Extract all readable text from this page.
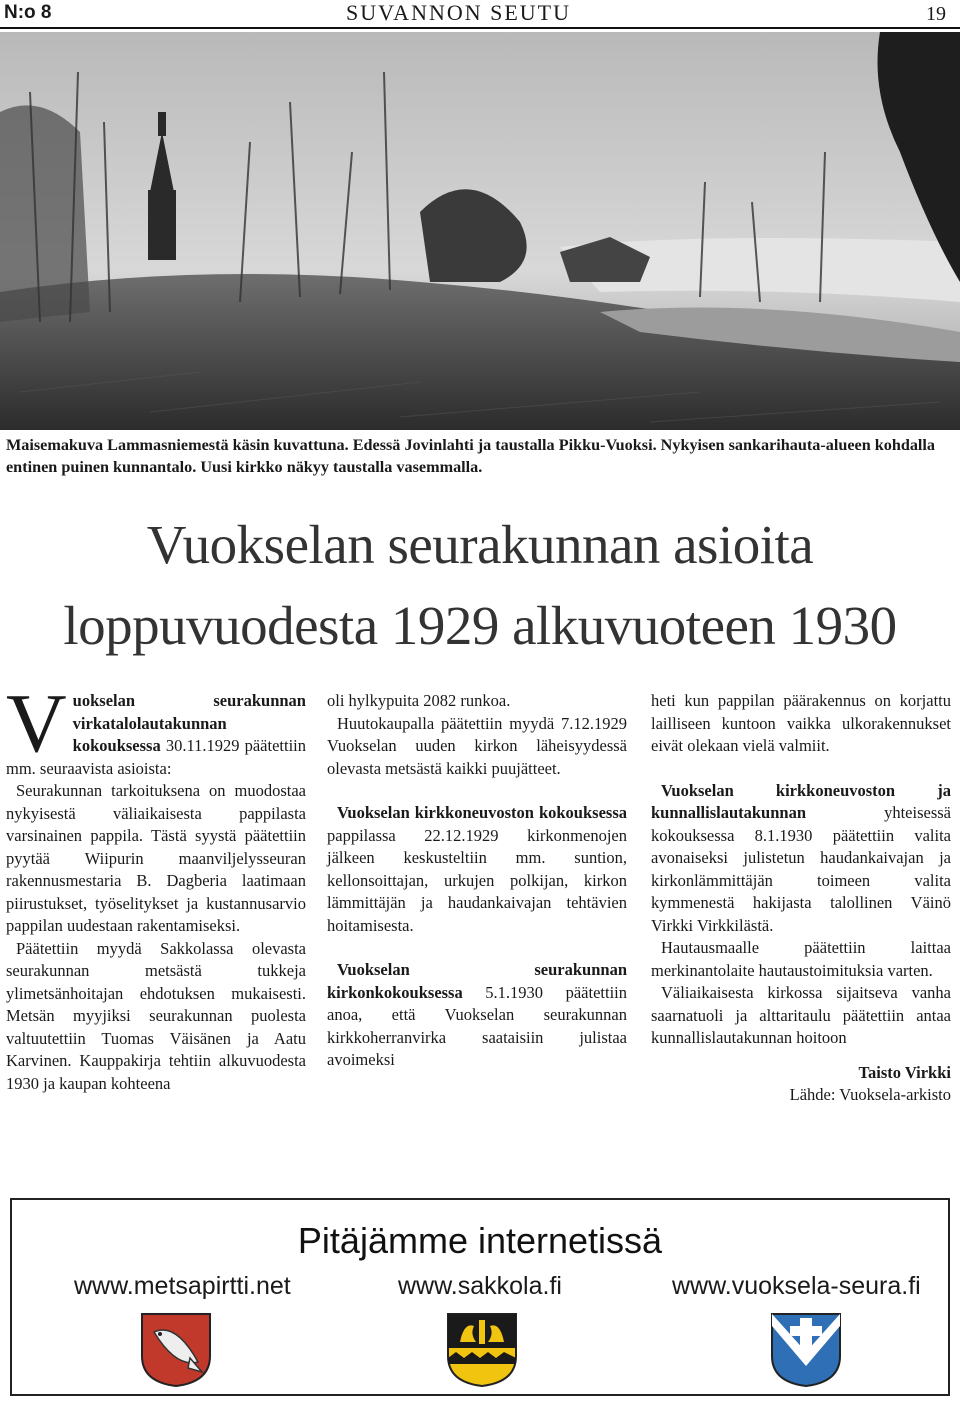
N:o 8	SUVANNON SEUTU	19
Maisemakuva Lammasniemestä käsin kuvattuna. Edessä Jovinlahti ja taustalla Pikku-Vuoksi. Nykyisen sankarihauta-alueen kohdalla entinen puinen kunnantalo. Uusi kirkko näkyy taustalla vasemmalla.
Vuokselan seurakunnan asioita
loppuvuodesta 1929 alkuvuoteen 1930

Vuokselan seurakunnan virkatalolautakunnan kokouksessa 30.11.1929 päätettiin mm. seuraavista asioista:

Seurakunnan tarkoituksena on muodostaa nykyisestä väliaikaisesta pappilasta varsinainen pappila. Tästä syystä päätettiin pyytää Wiipurin maanviljelysseuran rakennusmestaria B. Dagberia laatimaan piirustukset, työselitykset ja kustannusarvio pappilan uudestaan rakentamiseksi.

Päätettiin myydä Sakkolassa olevasta seurakunnan metsästä tukkeja ylimetsänhoitajan ehdotuksen mukaisesti. Metsän myyjiksi seurakunnan puolesta valtuutettiin Tuomas Väisänen ja Aatu Karvinen. Kauppakirja tehtiin alkuvuodesta 1930 ja kaupan kohteena

oli hylkypuita 2082 runkoa.

Huutokaupalla päätettiin myydä 7.12.1929 Vuokselan uuden kirkon läheisyydessä olevasta metsästä kaikki puujätteet.

Vuokselan kirkkoneuvoston kokouksessa pappilassa 22.12.1929 kirkonmenojen jälkeen keskusteltiin mm. suntion, kellonsoittajan, urkujen polkijan, kirkon lämmittäjän ja haudankaivajan tehtävien hoitamisesta.

Vuokselan seurakunnan kirkonkokouksessa 5.1.1930 päätettiin anoa, että Vuokselan seurakunnan kirkkoherranvirka saataisiin julistaa avoimeksi

heti kun pappilan päärakennus on korjattu lailliseen kuntoon vaikka ulkorakennukset eivät olekaan vielä valmiit.

Vuokselan kirkkoneuvoston ja kunnallislautakunnan yhteisessä kokouksessa 8.1.1930 päätettiin valita avonaiseksi julistetun haudankaivajan ja kirkonlämmittäjän toimeen valita kymmenestä hakijasta talollinen Väinö Virkki Virkkilästä.

Hautausmaalle päätettiin laittaa merkinantolaite hautaustoimituksia varten.

Väliaikaisesta kirkossa sijaitseva vanha saarnatuoli ja alttaritaulu päätettiin antaa kunnallislautakunnan hoitoon

Taisto Virkki

Lähde: Vuoksela-arkisto

Pitäjämme internetissä
www.metsapirtti.net	www.sakkola.fi	www.vuoksela-seura.fi
